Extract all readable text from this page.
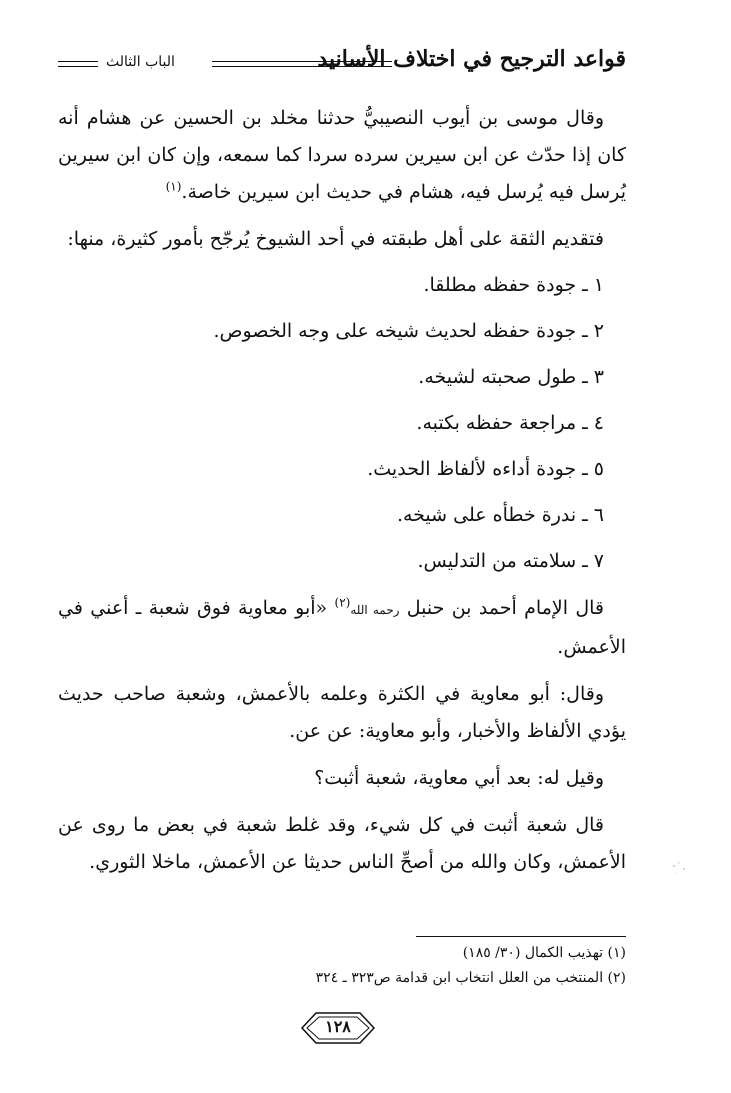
الباب الثالث	قواعد الترجيح في اختلاف الأسانيد

وقال موسى بن أيوب النصيبيُّ حدثنا مخلد بن الحسين عن هشام أنه كان إذا حدّث عن ابن سيرين سرده سردا كما سمعه، وإن كان ابن سيرين يُرسل فيه يُرسل فيه، هشام في حديث ابن سيرين خاصة.$^{(١)}$

فتقديم الثقة على أهل طبقته في أحد الشيوخ يُرجّح بأمور كثيرة، منها:

١ ـ جودة حفظه مطلقا.

٢ ـ جودة حفظه لحديث شيخه على وجه الخصوص.

٣ ـ طول صحبته لشيخه.

٤ ـ مراجعة حفظه بكتبه.

٥ ـ جودة أداءه لألفاظ الحديث.

٦ ـ ندرة خطأه على شيخه.

٧ ـ سلامته من التدليس.

قال الإمام أحمد بن حنبل رحمه الله$^{(٢)}$ «أبو معاوية فوق شعبة ـ أعني في الأعمش.

وقال: أبو معاوية في الكثرة وعلمه بالأعمش، وشعبة صاحب حديث يؤدي الألفاظ والأخبار، وأبو معاوية: عن عن.

وقيل له: بعد أبي معاوية، شعبة أثبت؟

قال شعبة أثبت في كل شيء، وقد غلط شعبة في بعض ما روى عن الأعمش، وكان والله من أصحِّ الناس حديثا عن الأعمش، ماخلا الثوري.

(١) تهذيب الكمال (٣٠/ ١٨٥)

(٢) المنتخب من العلل انتخاب ابن قدامة ص٣٢٣ ـ ٣٢٤

١٢٨
